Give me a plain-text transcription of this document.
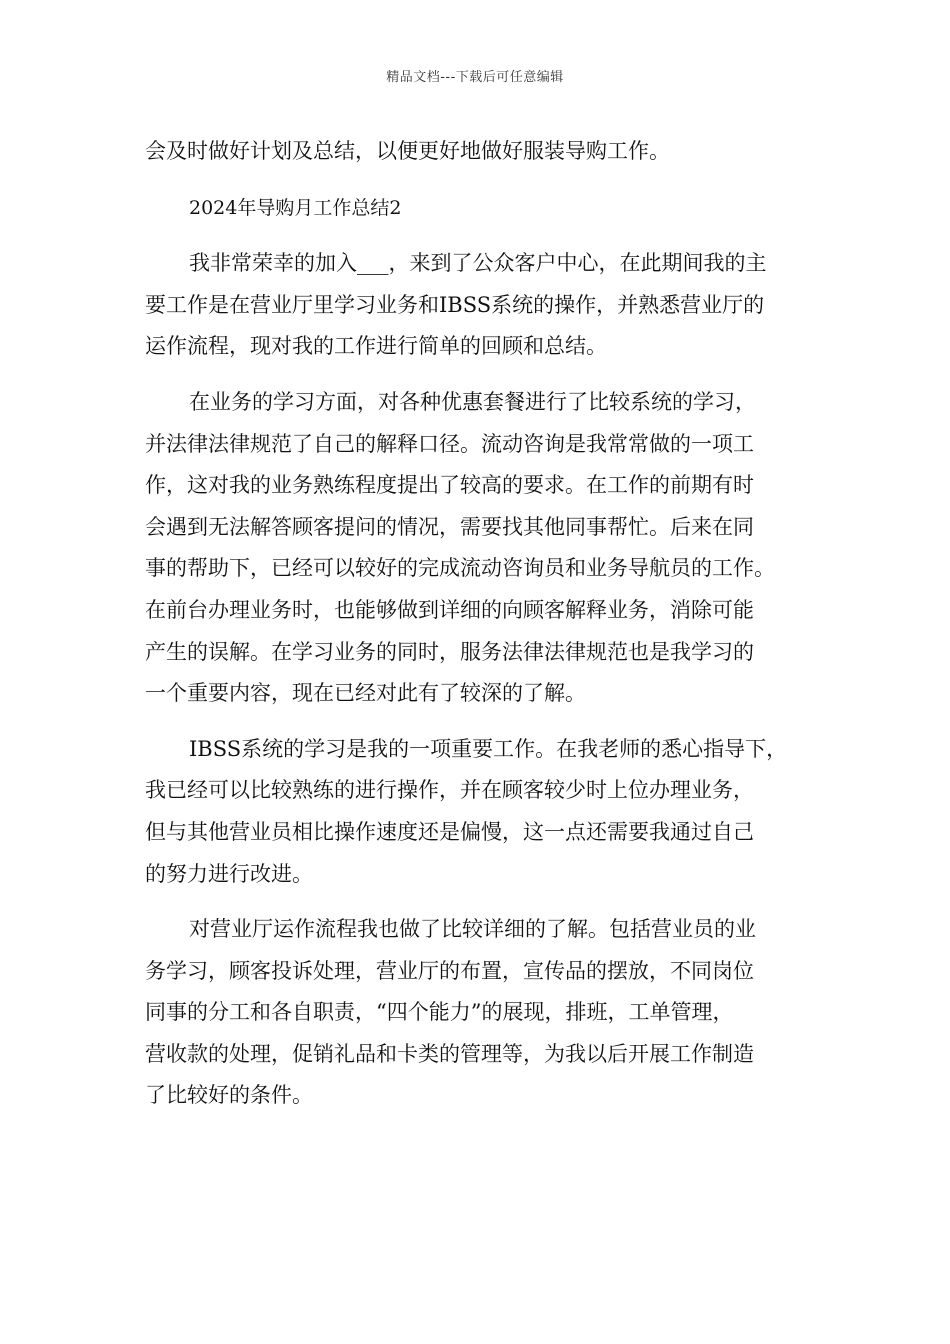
精品文档---下载后可任意编辑
会及时做好计划及总结，以便更好地做好服装导购工作。
2024年导购月工作总结2
我非常荣幸的加入___，来到了公众客户中心，在此期间我的主
要工作是在营业厅里学习业务和IBSS系统的操作，并熟悉营业厅的
运作流程，现对我的工作进行简单的回顾和总结。
在业务的学习方面，对各种优惠套餐进行了比较系统的学习，
并法律法律规范了自己的解释口径。流动咨询是我常常做的一项工
作，这对我的业务熟练程度提出了较高的要求。在工作的前期有时
会遇到无法解答顾客提问的情况，需要找其他同事帮忙。后来在同
事的帮助下，已经可以较好的完成流动咨询员和业务导航员的工作。
在前台办理业务时，也能够做到详细的向顾客解释业务，消除可能
产生的误解。在学习业务的同时，服务法律法律规范也是我学习的
一个重要内容，现在已经对此有了较深的了解。
IBSS系统的学习是我的一项重要工作。在我老师的悉心指导下，
我已经可以比较熟练的进行操作，并在顾客较少时上位办理业务，
但与其他营业员相比操作速度还是偏慢，这一点还需要我通过自己
的努力进行改进。
对营业厅运作流程我也做了比较详细的了解。包括营业员的业
务学习，顾客投诉处理，营业厅的布置，宣传品的摆放，不同岗位
同事的分工和各自职责，“四个能力”的展现，排班，工单管理，
营收款的处理，促销礼品和卡类的管理等，为我以后开展工作制造
了比较好的条件。
